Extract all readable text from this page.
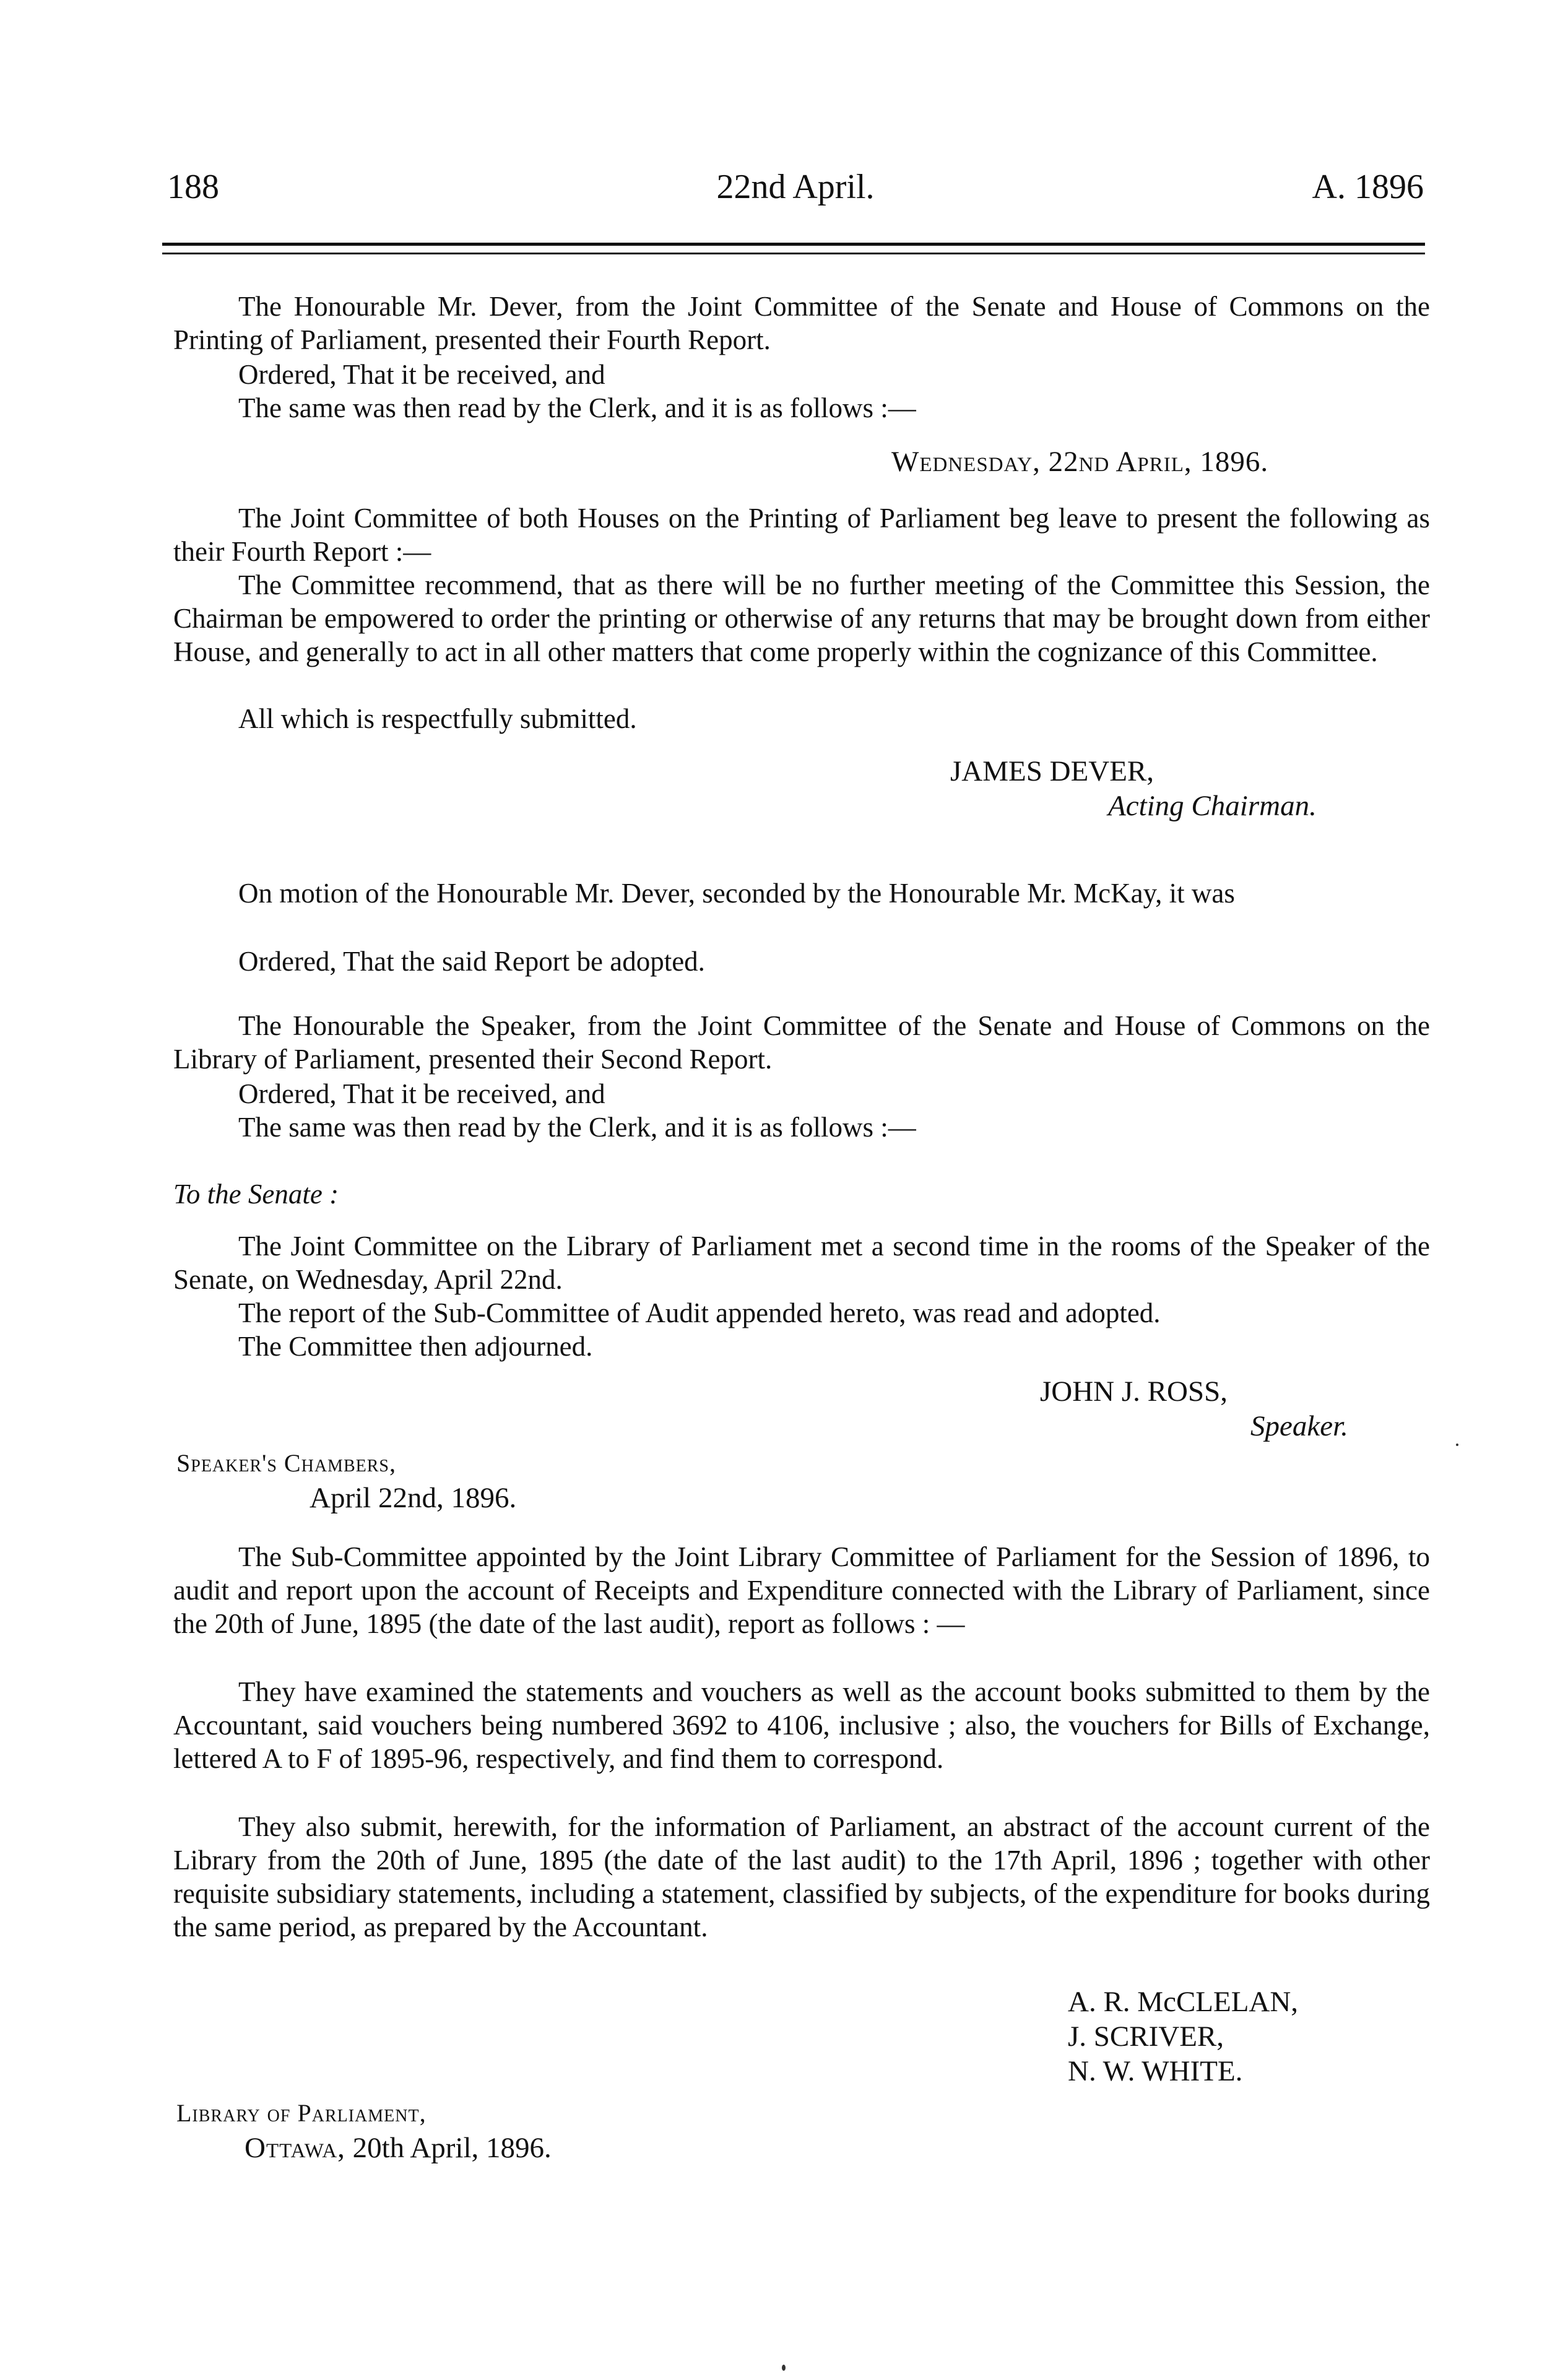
188	22nd April.	A. 1896

The Honourable Mr. Dever, from the Joint Committee of the Senate and House of Commons on the Printing of Parliament, presented their Fourth Report.

Ordered, That it be received, and

The same was then read by the Clerk, and it is as follows :—

Wednesday, 22nd April, 1896.

The Joint Committee of both Houses on the Printing of Parliament beg leave to present the following as their Fourth Report :—

The Committee recommend, that as there will be no further meeting of the Committee this Session, the Chairman be empowered to order the printing or otherwise of any returns that may be brought down from either House, and generally to act in all other matters that come properly within the cognizance of this Committee.

All which is respectfully submitted.

JAMES DEVER,
Acting Chairman.

On motion of the Honourable Mr. Dever, seconded by the Honourable Mr. McKay, it was

Ordered, That the said Report be adopted.

The Honourable the Speaker, from the Joint Committee of the Senate and House of Commons on the Library of Parliament, presented their Second Report.

Ordered, That it be received, and

The same was then read by the Clerk, and it is as follows :—

To the Senate :

The Joint Committee on the Library of Parliament met a second time in the rooms of the Speaker of the Senate, on Wednesday, April 22nd.

The report of the Sub-Committee of Audit appended hereto, was read and adopted.

The Committee then adjourned.

JOHN J. ROSS,
Speaker.
Speaker's Chambers,
April 22nd, 1896.

The Sub-Committee appointed by the Joint Library Committee of Parliament for the Session of 1896, to audit and report upon the account of Receipts and Expenditure connected with the Library of Parliament, since the 20th of June, 1895 (the date of the last audit), report as follows : —

They have examined the statements and vouchers as well as the account books submitted to them by the Accountant, said vouchers being numbered 3692 to 4106, inclusive ; also, the vouchers for Bills of Exchange, lettered A to F of 1895-96, respectively, and find them to correspond.

They also submit, herewith, for the information of Parliament, an abstract of the account current of the Library from the 20th of June, 1895 (the date of the last audit) to the 17th April, 1896 ; together with other requisite subsidiary statements, including a statement, classified by subjects, of the expenditure for books during the same period, as prepared by the Accountant.

A. R. McCLELAN,
J. SCRIVER,
N. W. WHITE.
Library of Parliament,
Ottawa, 20th April, 1896.
